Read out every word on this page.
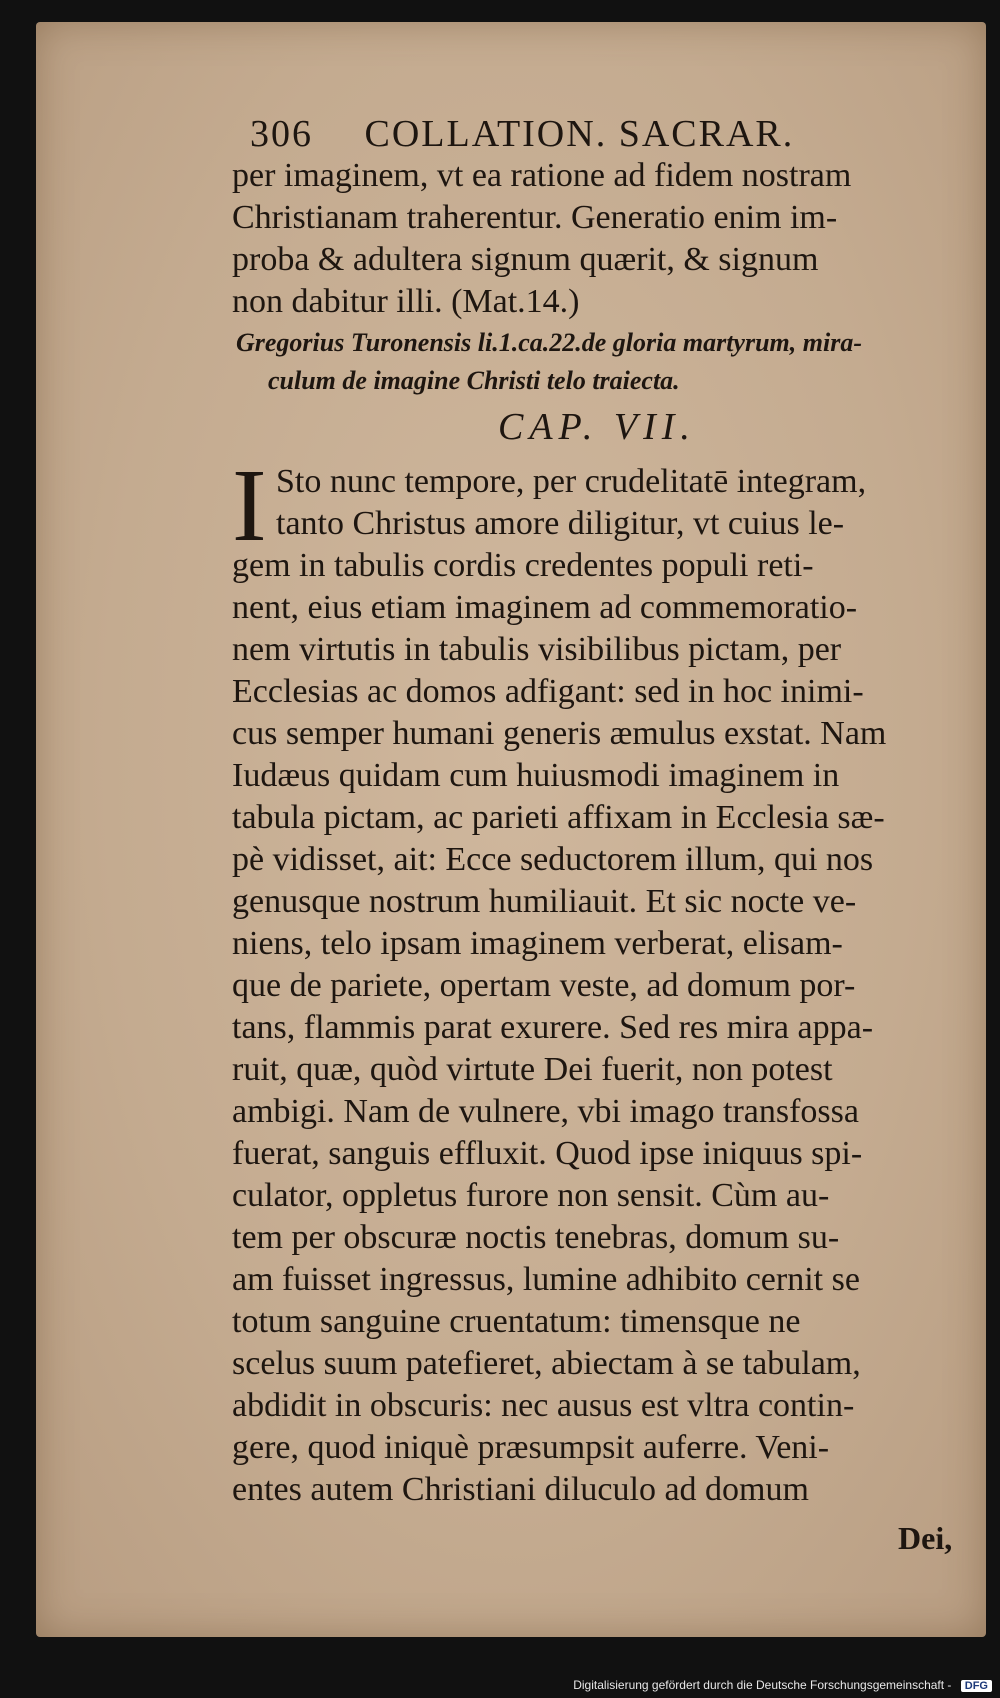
306 COLLATION. SACRAR.
per imaginem, vt ea ratione ad fidem nostram
Christianam traherentur. Generatio enim im-
proba & adultera signum quærit, & signum
non dabitur illi. (Mat.14.)
Gregorius Turonensis li.1.ca.22.de gloria martyrum, mira-
culum de imagine Christi telo traiecta.
CAP. VII.
I Sto nunc tempore, per crudelitatē integram,
tanto Christus amore diligitur, vt cuius le-
gem in tabulis cordis credentes populi reti-
nent, eius etiam imaginem ad commemoratio-
nem virtutis in tabulis visibilibus pictam, per
Ecclesias ac domos adfigant: sed in hoc inimi-
cus semper humani generis æmulus exstat. Nam
Iudæus quidam cum huiusmodi imaginem in
tabula pictam, ac parieti affixam in Ecclesia sæ-
pè vidisset, ait: Ecce seductorem illum, qui nos
genusque nostrum humiliauit. Et sic nocte ve-
niens, telo ipsam imaginem verberat, elisam-
que de pariete, opertam veste, ad domum por-
tans, flammis parat exurere. Sed res mira appa-
ruit, quæ, quòd virtute Dei fuerit, non potest
ambigi. Nam de vulnere, vbi imago transfossa
fuerat, sanguis effluxit. Quod ipse iniquus spi-
culator, oppletus furore non sensit. Cùm au-
tem per obscuræ noctis tenebras, domum su-
am fuisset ingressus, lumine adhibito cernit se
totum sanguine cruentatum: timensque ne
scelus suum patefieret, abiectam à se tabulam,
abdidit in obscuris: nec ausus est vltra contin-
gere, quod iniquè præsumpsit auferre. Veni-
entes autem Christiani diluculo ad domum
Dei,
Digitalisierung gefördert durch die Deutsche Forschungsgemeinschaft - DFG
